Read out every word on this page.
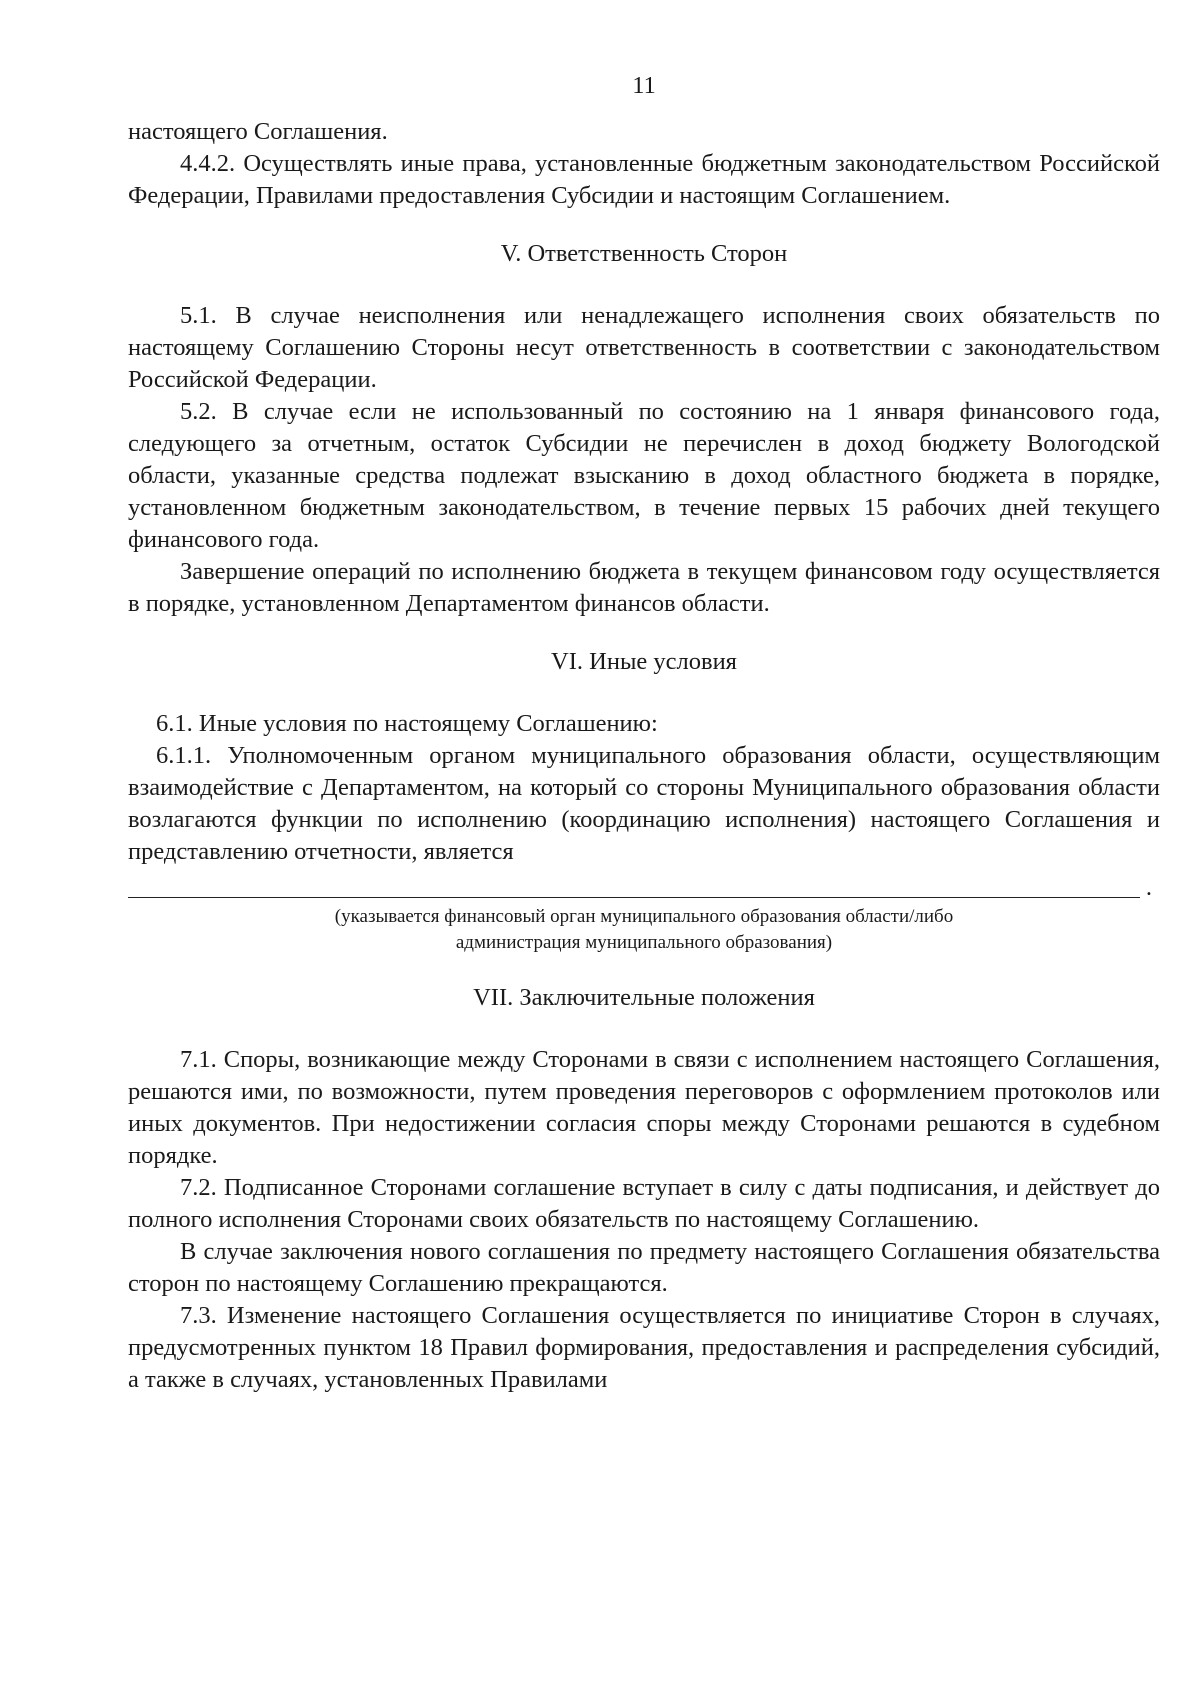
11

настоящего Соглашения.

4.4.2. Осуществлять иные права, установленные бюджетным законодательством Российской Федерации, Правилами предоставления Субсидии и настоящим Соглашением.

V. Ответственность Сторон

5.1. В случае неисполнения или ненадлежащего исполнения своих обязательств по настоящему Соглашению Стороны несут ответственность в соответствии с законодательством Российской Федерации.

5.2. В случае если не использованный по состоянию на 1 января финансового года, следующего за отчетным, остаток Субсидии не перечислен в доход бюджету Вологодской области, указанные средства подлежат взысканию в доход областного бюджета в порядке, установленном бюджетным законодательством, в течение первых 15 рабочих дней текущего финансового года.

Завершение операций по исполнению бюджета в текущем финансовом году осуществляется в порядке, установленном Департаментом финансов области.

VI. Иные условия

6.1. Иные условия по настоящему Соглашению:

6.1.1. Уполномоченным органом муниципального образования области, осуществляющим взаимодействие с Департаментом, на который со стороны Муниципального образования области возлагаются функции по исполнению (координацию исполнения) настоящего Соглашения и представлению отчетности, является

.

(указывается финансовый орган муниципального образования области/либо
администрация муниципального образования)

VII. Заключительные положения

7.1. Споры, возникающие между Сторонами в связи с исполнением настоящего Соглашения, решаются ими, по возможности, путем проведения переговоров с оформлением протоколов или иных документов. При недостижении согласия споры между Сторонами решаются в судебном порядке.

7.2. Подписанное Сторонами соглашение вступает в силу с даты подписания, и действует до полного исполнения Сторонами своих обязательств по настоящему Соглашению.

В случае заключения нового соглашения по предмету настоящего Соглашения обязательства сторон по настоящему Соглашению прекращаются.

7.3. Изменение настоящего Соглашения осуществляется по инициативе Сторон в случаях, предусмотренных пунктом 18 Правил формирования, предоставления и распределения субсидий, а также в случаях, установленных Правилами
